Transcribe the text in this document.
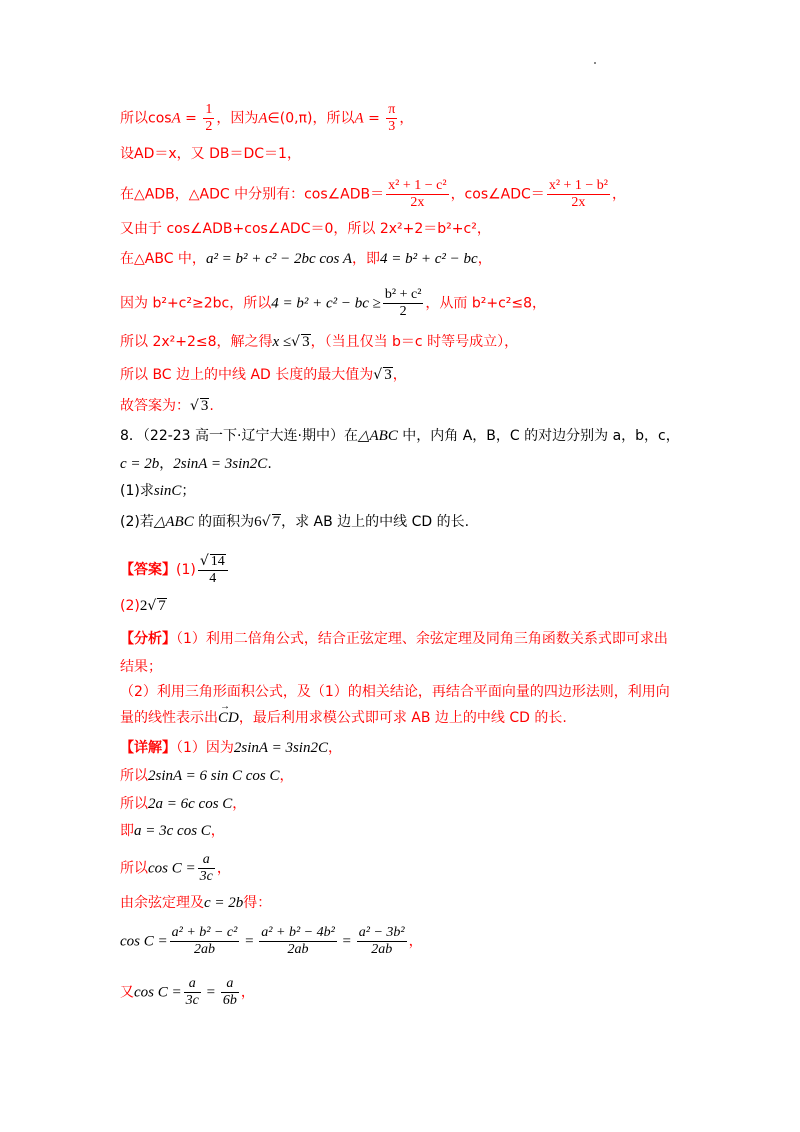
所以$\cos A = \frac{1}{2}$ ，因为A∈(0,π)，所以$A = \frac{\pi}{3}$ ，
设AD＝x，又 DB＝DC＝1，
在△ADB，△ADC 中分别有：cos∠ADB＝ $\frac{\text{x² + 1 − c²}}{2x}$ ，cos∠ADC＝ $\frac{\text{x² + 1 − b²}}{2x}$ ，
又由于 cos∠ADB+cos∠ADC＝0，所以 2x²+2＝b²+c²，
在△ABC 中，a² = b² + c² − 2bc cos A，即4 = b² + c² − bc，
因为 b²+c²≥2bc，所以4 = b² + c² − bc ≥ $\frac{\text{b² + c²}}{2}$ ，从而 b²+c²≤8，
所以 2x²+2≤8，解之得x ≤√ 3，（当且仅当 b＝c 时等号成立），
所以 BC 边上的中线 AD 长度的最大值为√ 3，
故答案为：√ 3.
8．（22-23 高一下·辽宁大连·期中）在△ABC 中，内角 A，B，C 的对边分别为 a，b，c，
c = 2b，2sinA = 3sin2C.
(1)求sinC；
(2)若△ABC 的面积为6√ 7，求 AB 边上的中线 CD 的长.
【答案】$(1) \frac{√ 14}{4}$
(2)2√ 7
【分析】（1）利用二倍角公式，结合正弦定理、余弦定理及同角三角函数关系式即可求出
结果；
（2）利用三角形面积公式，及（1）的相关结论，再结合平面向量的四边形法则，利用向
量的线性表示出→ CD，最后利用求模公式即可求 AB 边上的中线 CD 的长.
【详解】（1）因为2sinA = 3sin2C，
所以2sinA = 6 sin C cos C，
所以2a = 6c cos C，
即a = 3c cos C，
所以$\cos C = \frac{a}{3c}$ ，
由余弦定理及c = 2b得：
$\cos C = \frac{\text{a² + b² − c²}}{2ab} = \frac{\text{a² + b² − 4b²}}{2ab} = \frac{\text{a² − 3b²}}{2ab}$ ，
又$\cos C = \frac{a}{3c} = \frac{a}{6b}$ ，
